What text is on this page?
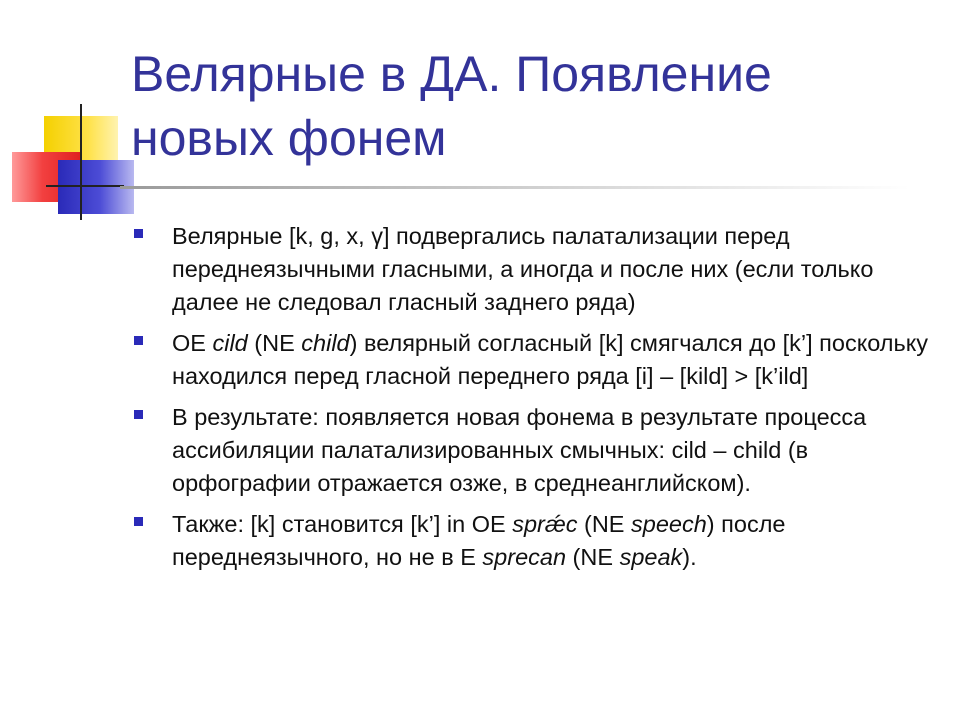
Велярные в ДА. Появление новых фонем
Велярные [k, g, x, γ] подвергались палатализации перед переднеязычными гласными, а иногда и после них (если только далее не следовал гласный заднего ряда)
OE cild (NE child) велярный согласный [k] смягчался до [k’] поскольку находился перед гласной переднего ряда [i] – [kild] > [k’ild]
В результате: появляется новая фонема в результате процесса ассибиляции палатализированных смычных: cild – child (в орфографии отражается озже, в среднеанглийском).
Также: [k] становится [k’] in OE sprǽc (NE speech) после переднеязычного, но не в E sprecan (NE speak).
